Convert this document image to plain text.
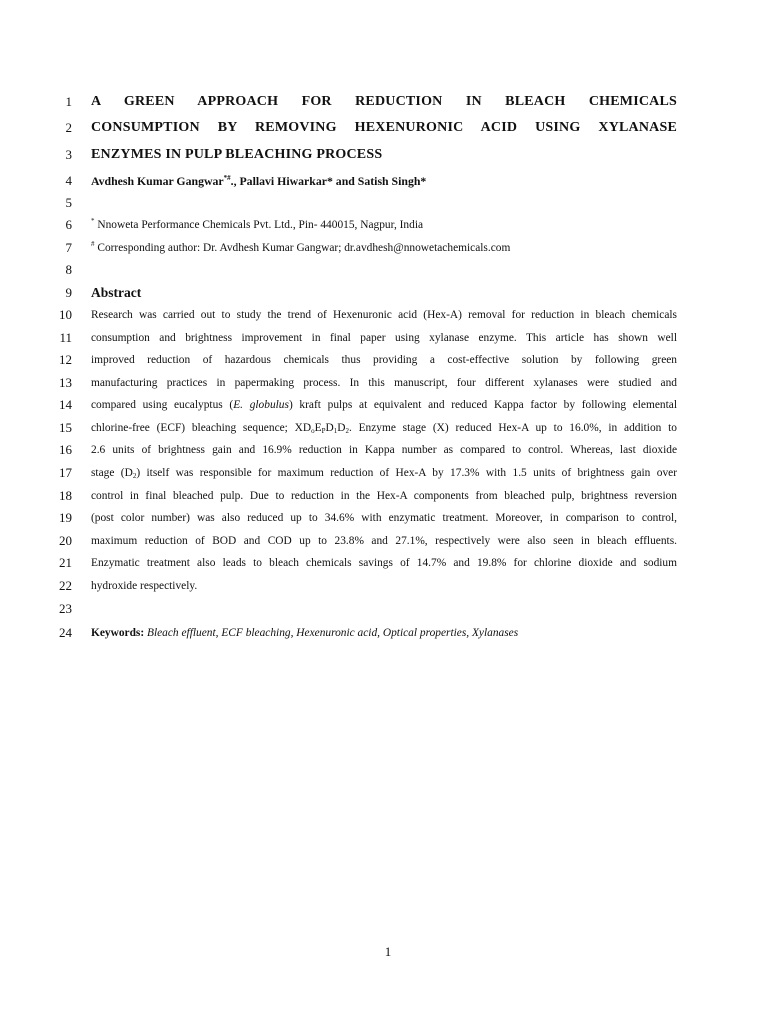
1 A GREEN APPROACH FOR REDUCTION IN BLEACH CHEMICALS
2 CONSUMPTION BY REMOVING HEXENURONIC ACID USING XYLANASE
3 ENZYMES IN PULP BLEACHING PROCESS
4 Avdhesh Kumar Gangwar*#., Pallavi Hiwarkar* and Satish Singh*
5
6	* Nnoweta Performance Chemicals Pvt. Ltd., Pin- 440015, Nagpur, India
7	# Corresponding author: Dr. Avdhesh Kumar Gangwar; dr.avdhesh@nnowetachemicals.com
8
9 Abstract
10 Research was carried out to study the trend of Hexenuronic acid (Hex-A) removal for reduction in bleach chemicals
11 consumption and brightness improvement in final paper using xylanase enzyme. This article has shown well
12 improved reduction of hazardous chemicals thus providing a cost-effective solution by following green
13 manufacturing practices in papermaking process. In this manuscript, four different xylanases were studied and
14 compared using eucalyptus (E. globulus) kraft pulps at equivalent and reduced Kappa factor by following elemental
15 chlorine-free (ECF) bleaching sequence; $XD_oE_PD_1D_2$. Enzyme stage (X) reduced Hex-A up to 16.0%, in addition to
16 2.6 units of brightness gain and 16.9% reduction in Kappa number as compared to control. Whereas, last dioxide
17 stage $(D_2)$ itself was responsible for maximum reduction of Hex-A by 17.3% with 1.5 units of brightness gain over
18 control in final bleached pulp. Due to reduction in the Hex-A components from bleached pulp, brightness reversion
19 (post color number) was also reduced up to 34.6% with enzymatic treatment. Moreover, in comparison to control,
20 maximum reduction of BOD and COD up to 23.8% and 27.1%, respectively were also seen in bleach effluents.
21 Enzymatic treatment also leads to bleach chemicals savings of 14.7% and 19.8% for chlorine dioxide and sodium
22 hydroxide respectively.
23
24 Keywords: Bleach effluent, ECF bleaching, Hexenuronic acid, Optical properties, Xylanases
1
